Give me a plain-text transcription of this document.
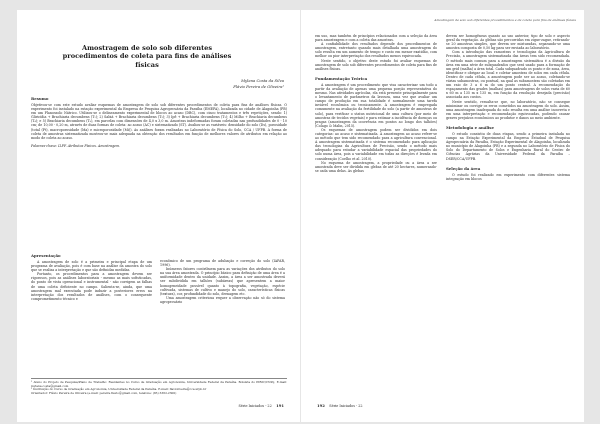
Amostragem de solo sob diferentes procedimentos de coleta para fins de análises físicas

Mylana Costa da Silva

Flávio Pereira de Oliveira¹

Resumo

Objetivou-se com este estudo avaliar esquemas de amostragem de solo sob diferentes procedimentos de coleta para fins de análises físicas. O experimento foi instalado na estação experimental da Empresa de Pesquisa Agropecuária da Paraíba (EMEPA), localizada no cidade de Alagoinha (PB) em um Planossolo Nátrico. Utilizou-se o delineamento experimental de blocos ao acaso (DBC), com cinco tratamentos e três repetições, sendo: 1) Gliricídia + Brachiaria decumbens (T₁); 2) Sabiá + Brachiaria decumbens (T₂); 3) Ipê + Brachiaria decumbens (T₃); 4) Milho + Brachiaria decumbens (T₄); e 5) Brachiaria decumbens (T₅), em parcelas com dimensões de 4,0 x 3,0 m. Amostras indeformadas foram coletadas nas profundidades de 0 - 10 cm; de 10,00 - 0,20 m, através de duas formas de coleta: ao acaso (AC) e sistematizado (ST). Avaliou-se as variáveis: densidade do solo (Ds), porosidade (total (Pt), macroporosidade (Ma) e microporosidade (Mi)). As análises foram realizadas no Laboratório de Física do Solo, CCA / UFPB. A forma de coleta de amostras sistematizada mostrou-se mais adequada na obtenção dos resultados em função de melhores valores de atributos em relação ao modo de coleta ao acaso.

Palavras-chave: ILPF. Atributos Físicos. Amostragem.

Apresentação

A amostragem de solo é a primeira e principal etapa de um programa de avaliação, pois é com base na análise da amostra do solo que se realiza a interpretação e que são definidas medidas.

Portanto, os procedimentos para a amostragem devem ser rigorosos, pois as análises laboratoriais - mesmo as mais sofisticadas, do ponto de vista operacional e instrumental - não corrigem as falhas de uma coleta deficiente no campo. Salienta-se, ainda, que uma amostragem mal executada pode induzir a posteriores erros na interpretação dos resultados de análises, com o consequente comprometimento técnico e

econômico de um programa de adubação e correção do solo (IAPAR, 1996).

Inúmeros fatores contribuem para as variações dos atributos do solo na sua área amostrada. O princípio básico para definição de uma área é a uniformidade dentro da unidade. Assim, a área a ser amostrada deverá ser subdividida em talhões (subáreas) que apresentem a maior homogeneidade possível quanto à topografia, vegetação, espécie cultivada, sistemas de cultivo e manejo do solo, características físicas (textura), cor, profundidade do solo, drenagem etc.

Uma amostragem criteriosa requer a observação não só do sistema agropecuário

¹ Aluno do Projeto de Pesquisa/Plano de Trabalho: Residentes no Curso de Graduação em Agronomia, Universidade Federal da Paraíba. Bolsista do PIBIC/CNPq. E-mail: mylana.costa@gmail.com

² Instituição do Curso de Graduação em Agronomia, Universidade Federal da Paraíba. E-mail: flavioliveira@cca.ufpb.br

Orientador: Flávio Pereira de Oliveira (e-mail: pereira.flavio@gmail.com, telefone: (83) 3362-2300)

Série Iniciados - 22 191

Amostragem de solo sob diferentes procedimentos e de coleta para fins de análises físicas

em uso, mas também de princípios relacionados com a seleção da área para amostragem e com a coleta das amostras.

A confiabilidade dos resultados depende dos procedimentos de amostragem, entretanto quando mais detalhada uma amostragem do solo resulta em um aumento de tempo e custo em menor exatidão, com melhor ou pior interpretação dos resultados menos equivocada.

Neste sentido, o objetivo deste estudo foi avaliar esquemas de amostragem de solo sob diferentes procedimentos de coleta para fins de análises físicas.

Fundamentação Teórica

A amostragem é um procedimento que visa caracterizar um todo a partir da avaliação de apenas uma pequena porção representativa do mesmo. Nas atividades agrícolas, ela está presente principalmente para o levantamento de parâmetros da lavoura, uma vez que avaliar um campo de produção em sua totalidade é normalmente uma tarefa inviável econômica ou tecnicamente. A amostragem é empregada comumente na avaliação da fertilidade do solo (a partir de amostras de solo), para verificar o status nutricional de uma cultura (por meio de amostras de tecidos vegetais) e para estimar a incidência de doenças ou pragas (amostragem da ocorrência em pontos ao longo dos talhões) (Colago & Malin, 2015).

Os esquemas de amostragem podem ser divididos em dois categorias: ao acaso e sistematizada. A amostragem ao acaso refere-se ao método que tem sido recomendado para a agricultura convencional. A amostragem sistematizada é o sistema recomendado para aplicação das tecnologias da Agricultura de Precisão, sendo o método mais adequado para estudar a variabilidade espacial das propriedades do solo numa área, pois a variabilidade em todas as direções é levada em consideração (Coelho et al. 2010).

No esquema de amostragem, a propriedade ou a área a ser amostrada deve ser dividida em glebas de até 20 hectares, numerando-se cada uma delas. As glebas

devem ser homogêneas quanto ao uso anterior, tipo de solo e aspecto geral da vegetação. As glebas são percorridas em zigue-zague, retirando-se 20 amostras simples, que devem ser misturadas, separando-se uma amostra composta de 0,50 kg para ser enviada ao laboratório.

Com a introdução das ramostras e tecnologias da Agricultura de Precisão, a amostragem sistematizada das áreas tem sido recomendada. O método mais comum para a amostragem sistemática é a divisão da área em uma série de subquadrados que será usado para a formação de um grid (malha) a área total. Cada subquadrado os ponto e de zona, área, identificar e obrigar ao local e coletar amostras de solos em cada célula. Dentro de cada célula, a amostragem pode ser ao acaso, coletando-se várias subamostras, ou pontual, na qual as subamostras são coletadas em um raio de 3 a 6 m do um ponto central. A recomendação do espaçamento das grades (malhas) para amostragens de solos varia de 60 x 60 m a 135 m x 135 m, em função da resolução desejada (precisão) associada aos custos.

Neste sentido, ressalta-se que, no laboratório, não se consegue minimizar ou corrigir os erros cometidos na amostragem do solo. Assim, uma amostragem inadequada do solo resulta em uma análise incorreta e em uma interpretação e recomendação equivocadas, podendo causar graves prejuízos econômicos ao produtor e danos ao meio ambiente.

Metodologia e análise

O estudo consistiu de duas etapas, sendo a primeira instalada no campo na Estação Experimental da Empresa Estadual de Pesquisa Agropecuária da Paraíba, Estação Experimental de Alagoinha, localizada no município de Alagoinha (PB) e a segunda no Laboratório de Física do Solo do Departamento de Solos e Engenharia Rural do Centro de Ciências Agrárias da Universidade Federal da Paraíba – DSER/CCA/UFPB.

Seleção da área

O estudo foi realizado em experimento com diferentes sistema integração em blocos

192 Série Iniciados - 22
